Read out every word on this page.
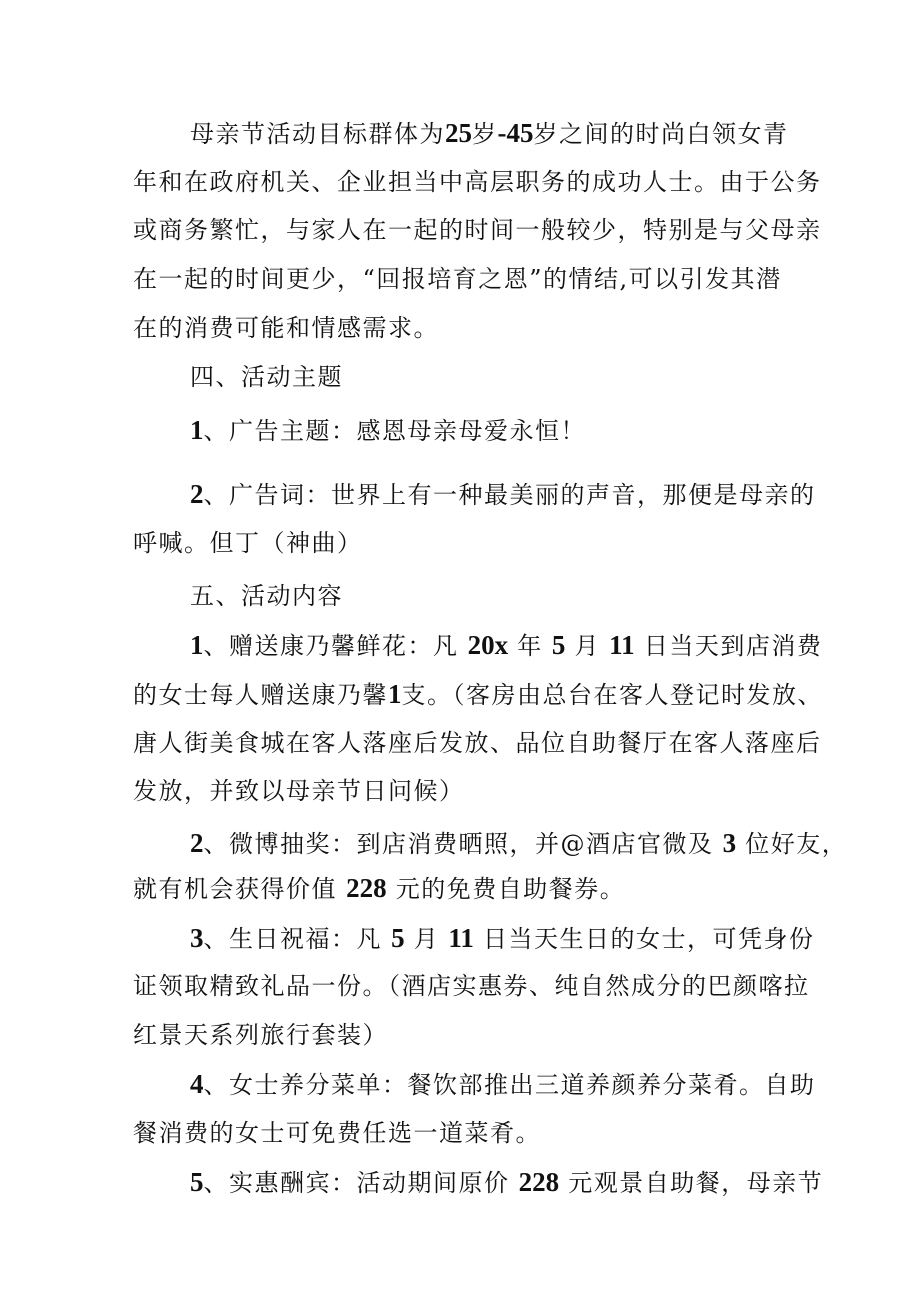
母亲节活动目标群体为25岁-45岁之间的时尚白领女青
年和在政府机关、企业担当中高层职务的成功人士。由于公务
或商务繁忙，与家人在一起的时间一般较少，特别是与父母亲
在一起的时间更少，“回报培育之恩”的情结,可以引发其潜
在的消费可能和情感需求。
四、活动主题
1、广告主题：感恩母亲母爱永恒！
2、广告词：世界上有一种最美丽的声音，那便是母亲的
呼喊。但丁（神曲）
五、活动内容
1、赠送康乃馨鲜花：凡 20x 年 5 月 11 日当天到店消费
的女士每人赠送康乃馨1支。（客房由总台在客人登记时发放、
唐人街美食城在客人落座后发放、品位自助餐厅在客人落座后
发放，并致以母亲节日问候）
2、微博抽奖：到店消费晒照，并@酒店官微及 3 位好友，
就有机会获得价值 228 元的免费自助餐券。
3、生日祝福：凡 5 月 11 日当天生日的女士，可凭身份
证领取精致礼品一份。（酒店实惠券、纯自然成分的巴颜喀拉
红景天系列旅行套装）
4、女士养分菜单：餐饮部推出三道养颜养分菜肴。自助
餐消费的女士可免费任选一道菜肴。
5、实惠酬宾：活动期间原价 228 元观景自助餐，母亲节
